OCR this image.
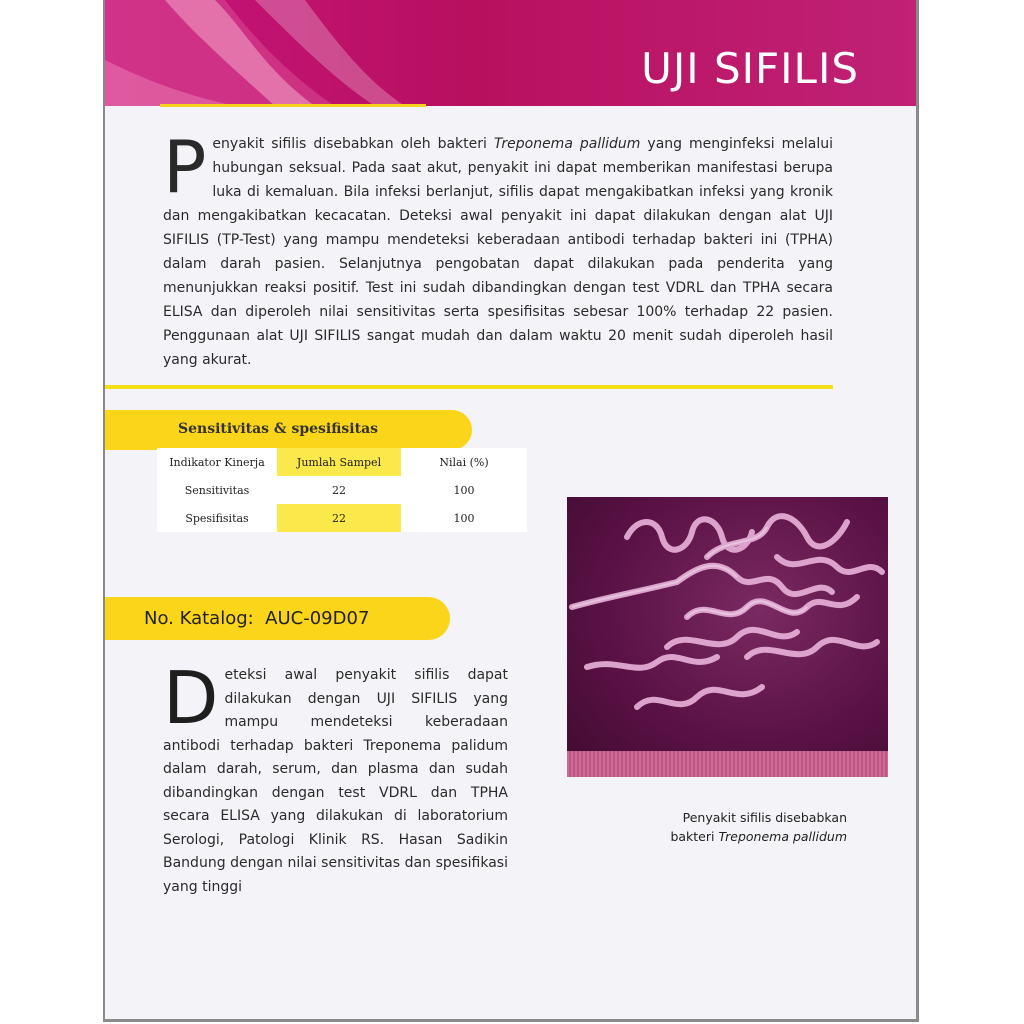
UJI SIFILIS
Penyakit sifilis disebabkan oleh bakteri Treponema pallidum yang menginfeksi melalui hubungan seksual. Pada saat akut, penyakit ini dapat memberikan manifestasi berupa luka di kemaluan. Bila infeksi berlanjut, sifilis dapat mengakibatkan infeksi yang kronik dan mengakibatkan kecacatan. Deteksi awal penyakit ini dapat dilakukan dengan alat UJI SIFILIS (TP-Test) yang mampu mendeteksi keberadaan antibodi terhadap bakteri ini (TPHA) dalam darah pasien. Selanjutnya pengobatan dapat dilakukan pada penderita yang menunjukkan reaksi positif. Test ini sudah dibandingkan dengan test VDRL dan TPHA secara ELISA dan diperoleh nilai sensitivitas serta spesifisitas sebesar 100% terhadap 22 pasien. Penggunaan alat UJI SIFILIS sangat mudah dan dalam waktu 20 menit sudah diperoleh hasil yang akurat.
Sensitivitas & spesifisitas
Indikator Kinerja	Jumlah Sampel	Nilai (%)
Sensitivitas	22	100
Spesifisitas	22	100
No. Katalog: AUC-09D07
Deteksi awal penyakit sifilis dapat dilakukan dengan UJI SIFILIS yang mampu mendeteksi keberadaan antibodi terhadap bakteri Treponema palidum dalam darah, serum, dan plasma dan sudah dibandingkan dengan test VDRL dan TPHA secara ELISA yang dilakukan di laboratorium Serologi, Patologi Klinik RS. Hasan Sadikin Bandung dengan nilai sensitivitas dan spesifikasi yang tinggi
Penyakit sifilis disebabkan
bakteri Treponema pallidum
